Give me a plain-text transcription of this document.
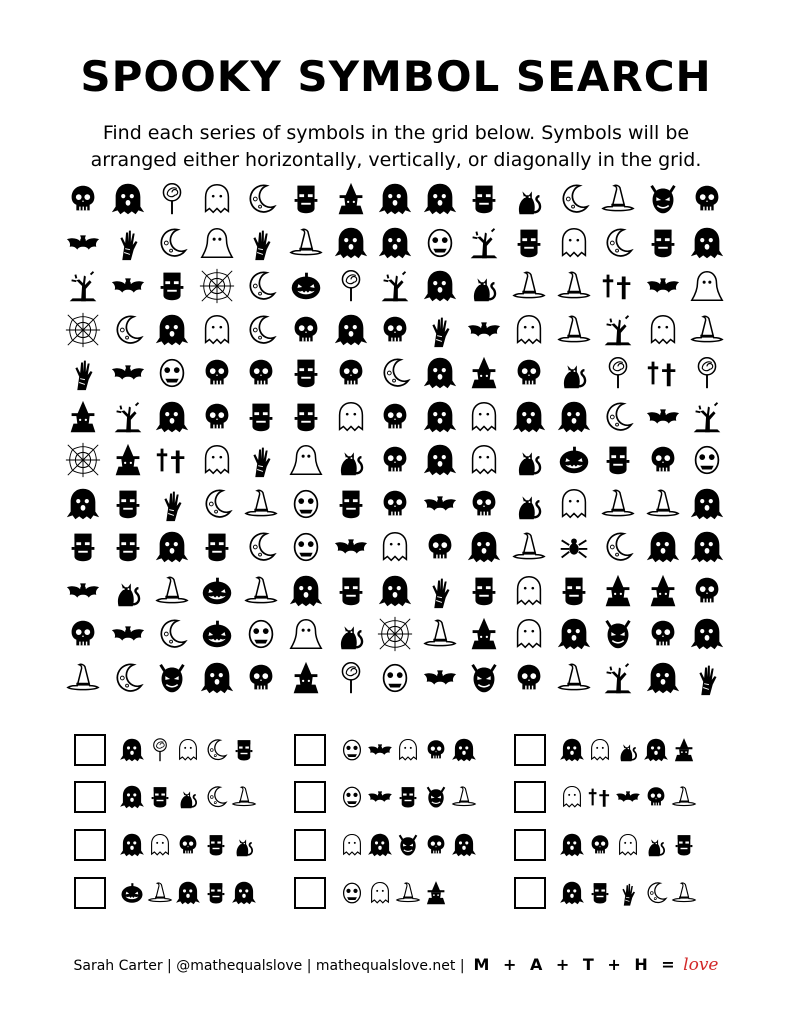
SPOOKY SYMBOL SEARCH
Find each series of symbols in the grid below. Symbols will be arranged either horizontally, vertically, or diagonally in the grid.
Sarah Carter | @mathequalslove | mathequalslove.net | M + A + T + H = love
